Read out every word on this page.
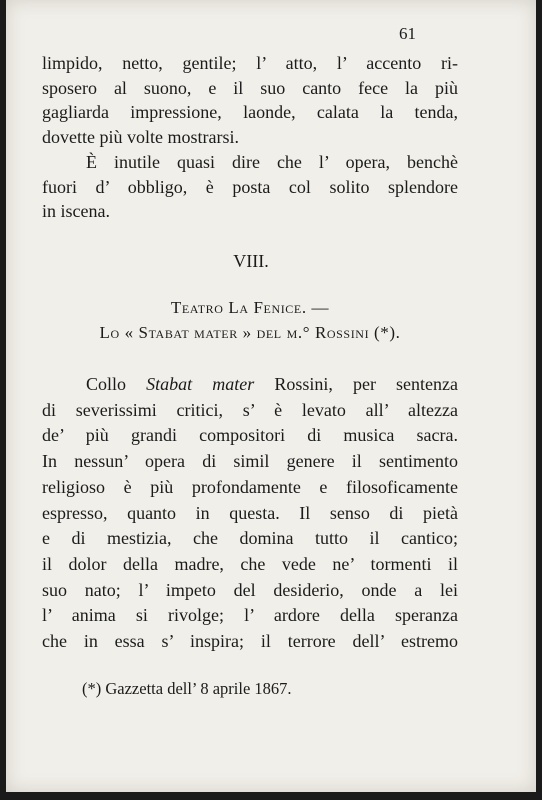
61
limpido, netto, gentile; l’ atto, l’ accento ri-
sposero al suono, e il suo canto fece la più
gagliarda impressione, laonde, calata la tenda,
dovette più volte mostrarsi.
È inutile quasi dire che l’ opera, benchè
fuori d’ obbligo, è posta col solito splendore
in iscena.
VIII.
Teatro La Fenice. —
Lo « Stabat mater » del m.° Rossini (*).
Collo Stabat mater Rossini, per sentenza
di severissimi critici, s’ è levato all’ altezza
de’ più grandi compositori di musica sacra.
In nessun’ opera di simil genere il sentimento
religioso è più profondamente e filosoficamente
espresso, quanto in questa. Il senso di pietà
e di mestizia, che domina tutto il cantico;
il dolor della madre, che vede ne’ tormenti il
suo nato; l’ impeto del desiderio, onde a lei
l’ anima si rivolge; l’ ardore della speranza
che in essa s’ inspira; il terrore dell’ estremo
(*) Gazzetta dell’ 8 aprile 1867.
